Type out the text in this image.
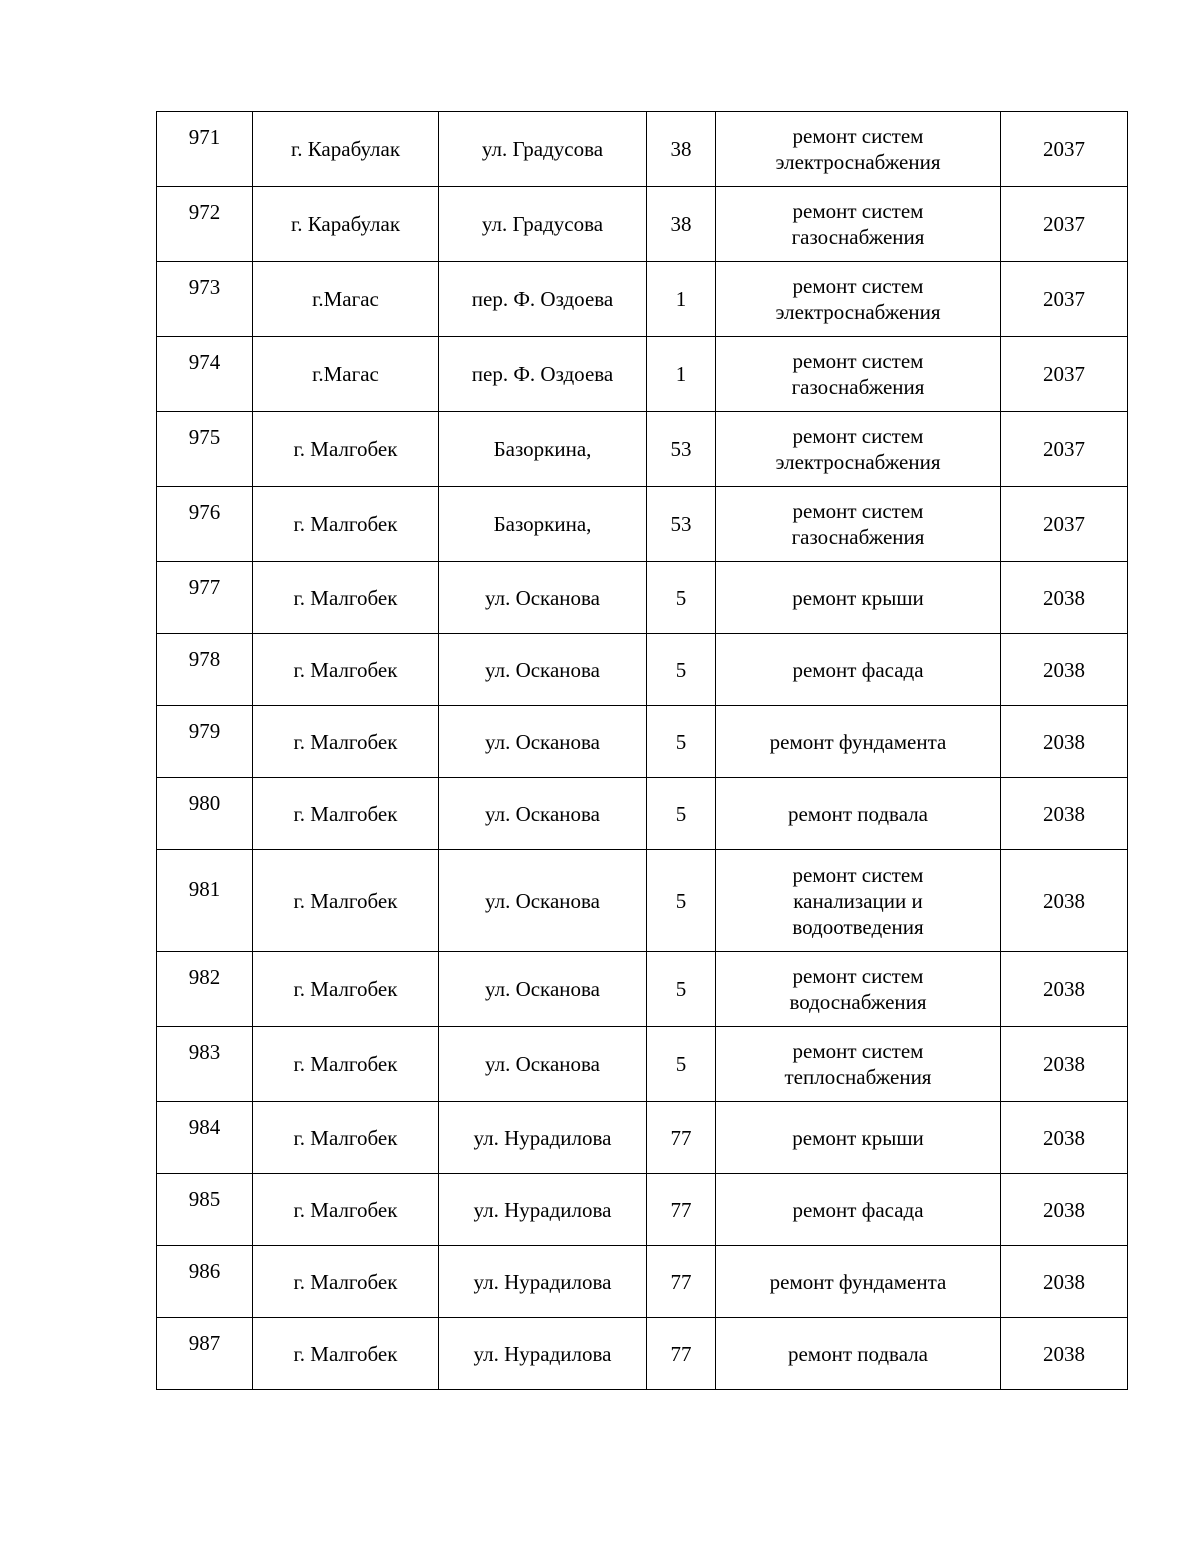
971	г. Карабулак	ул. Градусова	38	ремонт систем
электроснабжения	2037
972	г. Карабулак	ул. Градусова	38	ремонт систем
газоснабжения	2037
973	г.Магас	пер. Ф. Оздоева	1	ремонт систем
электроснабжения	2037
974	г.Магас	пер. Ф. Оздоева	1	ремонт систем
газоснабжения	2037
975	г. Малгобек	Базоркина,	53	ремонт систем
электроснабжения	2037
976	г. Малгобек	Базоркина,	53	ремонт систем
газоснабжения	2037
977	г. Малгобек	ул. Осканова	5	ремонт крыши	2038
978	г. Малгобек	ул. Осканова	5	ремонт фасада	2038
979	г. Малгобек	ул. Осканова	5	ремонт фундамента	2038
980	г. Малгобек	ул. Осканова	5	ремонт подвала	2038
981	г. Малгобек	ул. Осканова	5	ремонт систем
канализации и
водоотведения	2038
982	г. Малгобек	ул. Осканова	5	ремонт систем
водоснабжения	2038
983	г. Малгобек	ул. Осканова	5	ремонт систем
теплоснабжения	2038
984	г. Малгобек	ул. Нурадилова	77	ремонт крыши	2038
985	г. Малгобек	ул. Нурадилова	77	ремонт фасада	2038
986	г. Малгобек	ул. Нурадилова	77	ремонт фундамента	2038
987	г. Малгобек	ул. Нурадилова	77	ремонт подвала	2038
